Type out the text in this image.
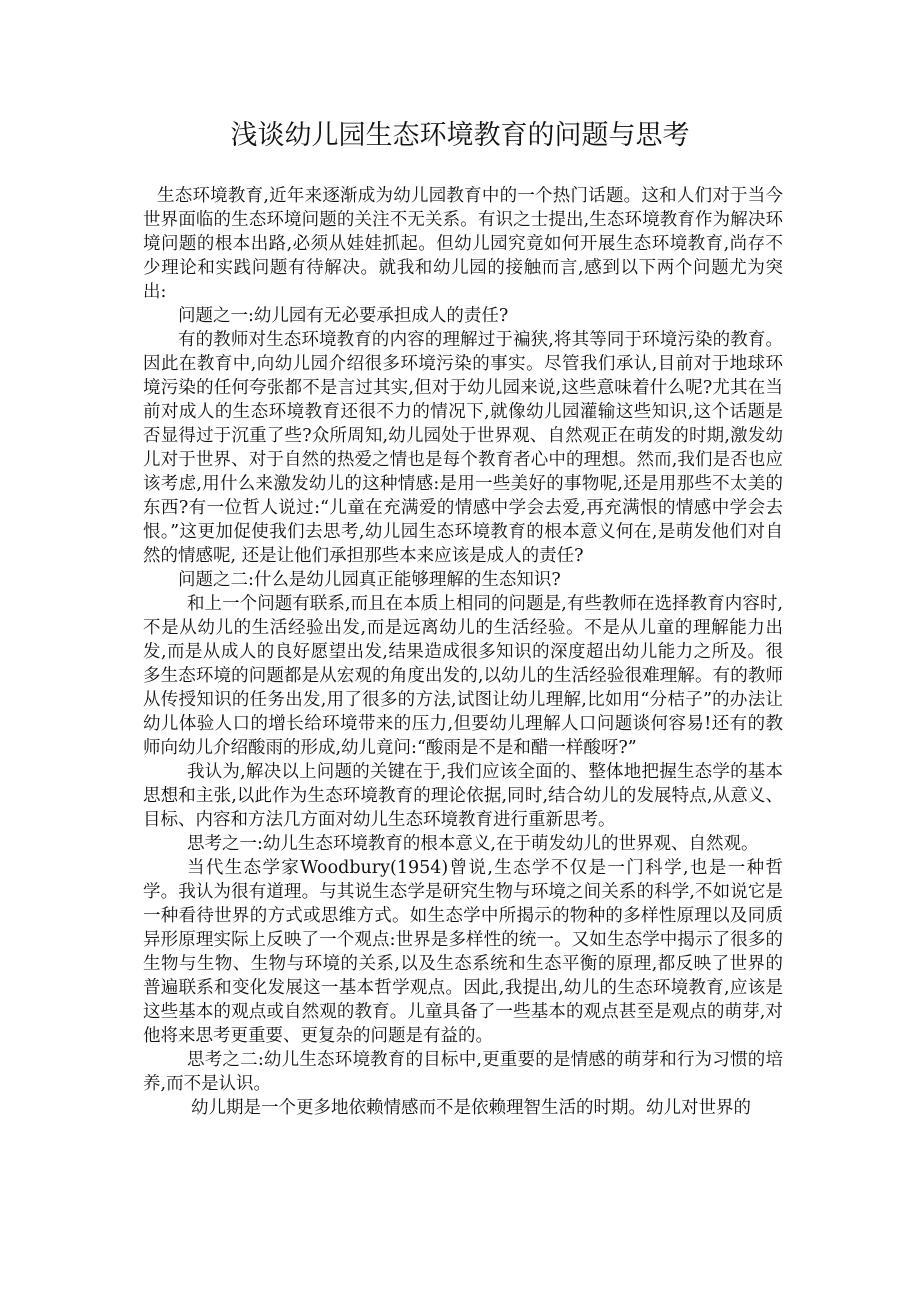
浅谈幼儿园生态环境教育的问题与思考

生态环境教育,近年来逐渐成为幼儿园教育中的一个热门话题。这和人们对于当今世界面临的生态环境问题的关注不无关系。有识之士提出,生态环境教育作为解决环境问题的根本出路,必须从娃娃抓起。但幼儿园究竟如何开展生态环境教育,尚存不少理论和实践问题有待解决。就我和幼儿园的接触而言,感到以下两个问题尤为突出:

问题之一:幼儿园有无必要承担成人的责任?

有的教师对生态环境教育的内容的理解过于褊狭,将其等同于环境污染的教育。因此在教育中,向幼儿园介绍很多环境污染的事实。尽管我们承认,目前对于地球环境污染的任何夸张都不是言过其实,但对于幼儿园来说,这些意味着什么呢?尤其在当前对成人的生态环境教育还很不力的情况下,就像幼儿园灌输这些知识,这个话题是否显得过于沉重了些?众所周知,幼儿园处于世界观、自然观正在萌发的时期,激发幼儿对于世界、对于自然的热爱之情也是每个教育者心中的理想。然而,我们是否也应该考虑,用什么来激发幼儿的这种情感:是用一些美好的事物呢,还是用那些不太美的东西?有一位哲人说过:“儿童在充满爱的情感中学会去爱,再充满恨的情感中学会去恨。”这更加促使我们去思考,幼儿园生态环境教育的根本意义何在,是萌发他们对自然的情感呢, 还是让他们承担那些本来应该是成人的责任?

问题之二:什么是幼儿园真正能够理解的生态知识?

和上一个问题有联系,而且在本质上相同的问题是,有些教师在选择教育内容时,不是从幼儿的生活经验出发,而是远离幼儿的生活经验。不是从儿童的理解能力出发,而是从成人的良好愿望出发,结果造成很多知识的深度超出幼儿能力之所及。很多生态环境的问题都是从宏观的角度出发的,以幼儿的生活经验很难理解。有的教师从传授知识的任务出发,用了很多的方法,试图让幼儿理解,比如用“分桔子”的办法让幼儿体验人口的增长给环境带来的压力,但要幼儿理解人口问题谈何容易!还有的教师向幼儿介绍酸雨的形成,幼儿竟问:“酸雨是不是和醋一样酸呀?”

我认为,解决以上问题的关键在于,我们应该全面的、整体地把握生态学的基本思想和主张,以此作为生态环境教育的理论依据,同时,结合幼儿的发展特点,从意义、目标、内容和方法几方面对幼儿生态环境教育进行重新思考。

思考之一:幼儿生态环境教育的根本意义,在于萌发幼儿的世界观、自然观。

当代生态学家Woodbury(1954)曾说,生态学不仅是一门科学,也是一种哲学。我认为很有道理。与其说生态学是研究生物与环境之间关系的科学,不如说它是一种看待世界的方式或思维方式。如生态学中所揭示的物种的多样性原理以及同质异形原理实际上反映了一个观点:世界是多样性的统一。又如生态学中揭示了很多的生物与生物、生物与环境的关系,以及生态系统和生态平衡的原理,都反映了世界的普遍联系和变化发展这一基本哲学观点。因此,我提出,幼儿的生态环境教育,应该是这些基本的观点或自然观的教育。儿童具备了一些基本的观点甚至是观点的萌芽,对他将来思考更重要、更复杂的问题是有益的。

思考之二:幼儿生态环境教育的目标中,更重要的是情感的萌芽和行为习惯的培养,而不是认识。

幼儿期是一个更多地依赖情感而不是依赖理智生活的时期。幼儿对世界的
